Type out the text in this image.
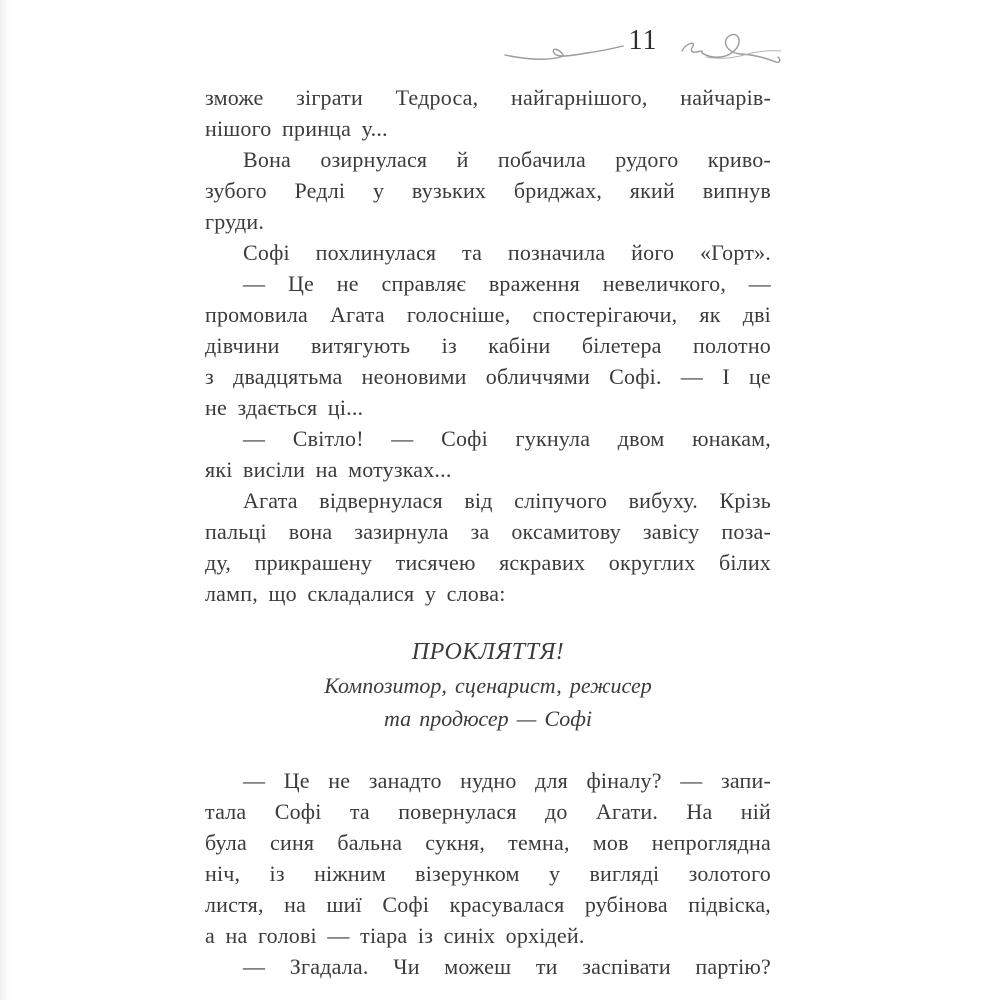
11
зможе зіграти Тедроса, найгарнішого, найчарів-
нішого принца у...
Вона озирнулася й побачила рудого криво-
зубого Редлі у вузьких бриджах, який випнув
груди.
Софі похлинулася та позначила його «Горт».
— Це не справляє враження невеличкого, —
промовила Агата голосніше, спостерігаючи, як дві
дівчини витягують із кабіни білетера полотно
з двадцятьма неоновими обличчями Софі. — І це
не здається ці...
— Світло! — Софі гукнула двом юнакам,
які висіли на мотузках...
Агата відвернулася від сліпучого вибуху. Крізь
пальці вона зазирнула за оксамитову завісу поза-
ду, прикрашену тисячею яскравих округлих білих
ламп, що складалися у слова:
ПРОКЛЯТТЯ!
Композитор, сценарист, режисер
та продюсер — Софі
— Це не занадто нудно для фіналу? — запи-
тала Софі та повернулася до Агати. На ній
була синя бальна сукня, темна, мов непроглядна
ніч, із ніжним візерунком у вигляді золотого
листя, на шиї Софі красувалася рубінова підвіска,
а на голові — тіара із синіх орхідей.
— Згадала. Чи можеш ти заспівати партію?
